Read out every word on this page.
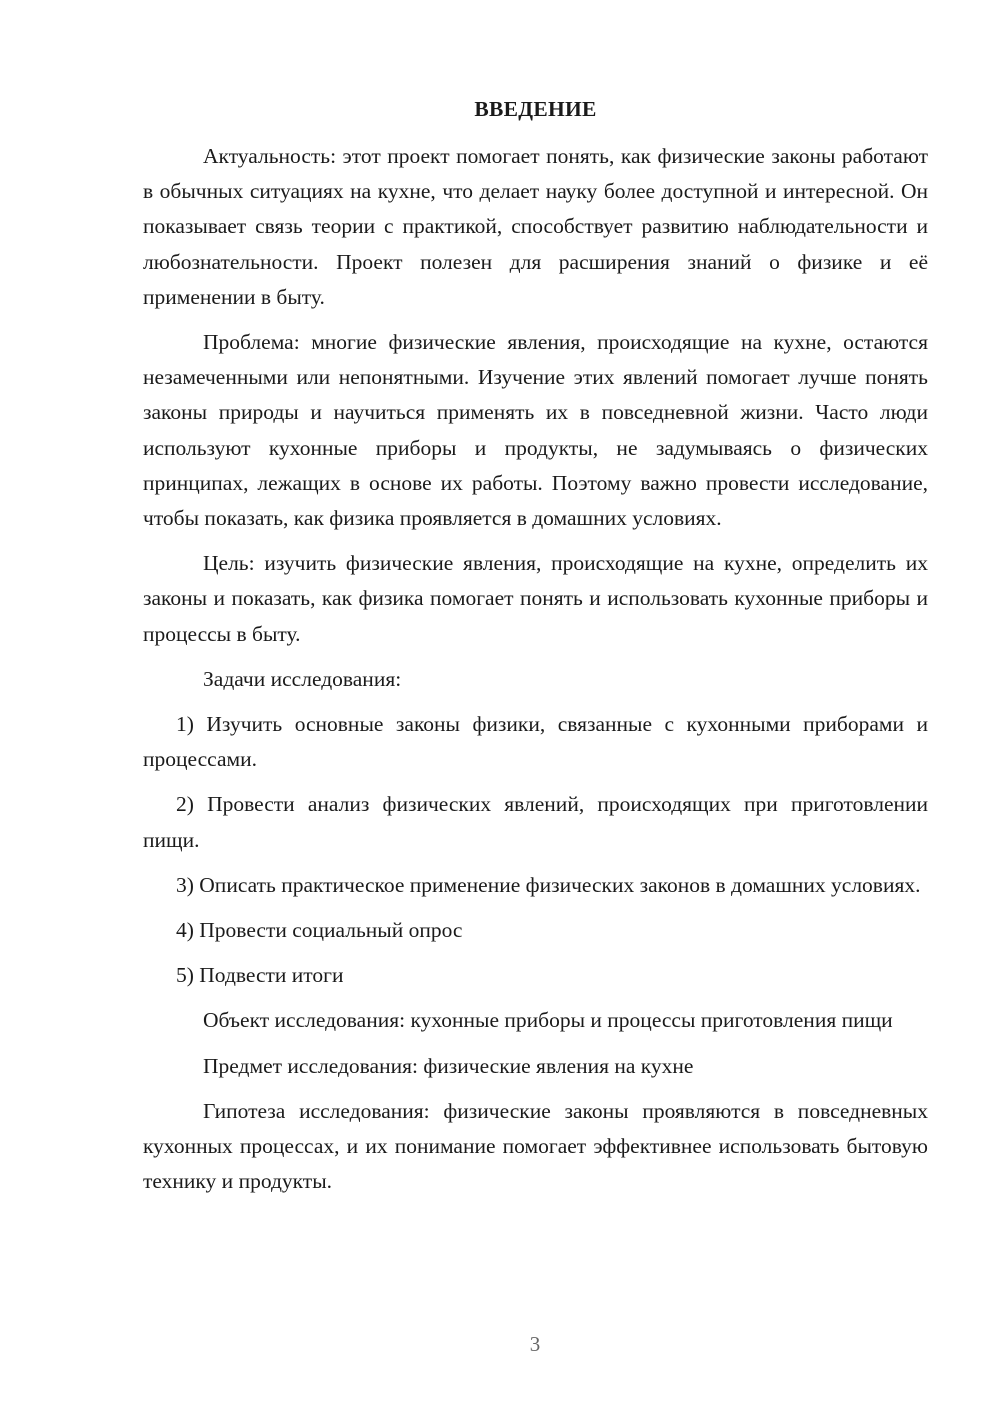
ВВЕДЕНИЕ

Актуальность: этот проект помогает понять, как физические законы работают в обычных ситуациях на кухне, что делает науку более доступной и интересной. Он показывает связь теории с практикой, способствует развитию наблюдательности и любознательности. Проект полезен для расширения знаний о физике и её применении в быту.

Проблема: многие физические явления, происходящие на кухне, остаются незамеченными или непонятными. Изучение этих явлений помогает лучше понять законы природы и научиться применять их в повседневной жизни. Часто люди используют кухонные приборы и продукты, не задумываясь о физических принципах, лежащих в основе их работы. Поэтому важно провести исследование, чтобы показать, как физика проявляется в домашних условиях.

Цель: изучить физические явления, происходящие на кухне, определить их законы и показать, как физика помогает понять и использовать кухонные приборы и процессы в быту.

Задачи исследования:

1) Изучить основные законы физики, связанные с кухонными приборами и процессами.

2) Провести анализ физических явлений, происходящих при приготовлении пищи.

3) Описать практическое применение физических законов в домашних условиях.

4) Провести социальный опрос

5) Подвести итоги

Объект исследования: кухонные приборы и процессы приготовления пищи

Предмет исследования: физические явления на кухне

Гипотеза исследования: физические законы проявляются в повседневных кухонных процессах, и их понимание помогает эффективнее использовать бытовую технику и продукты.

3
